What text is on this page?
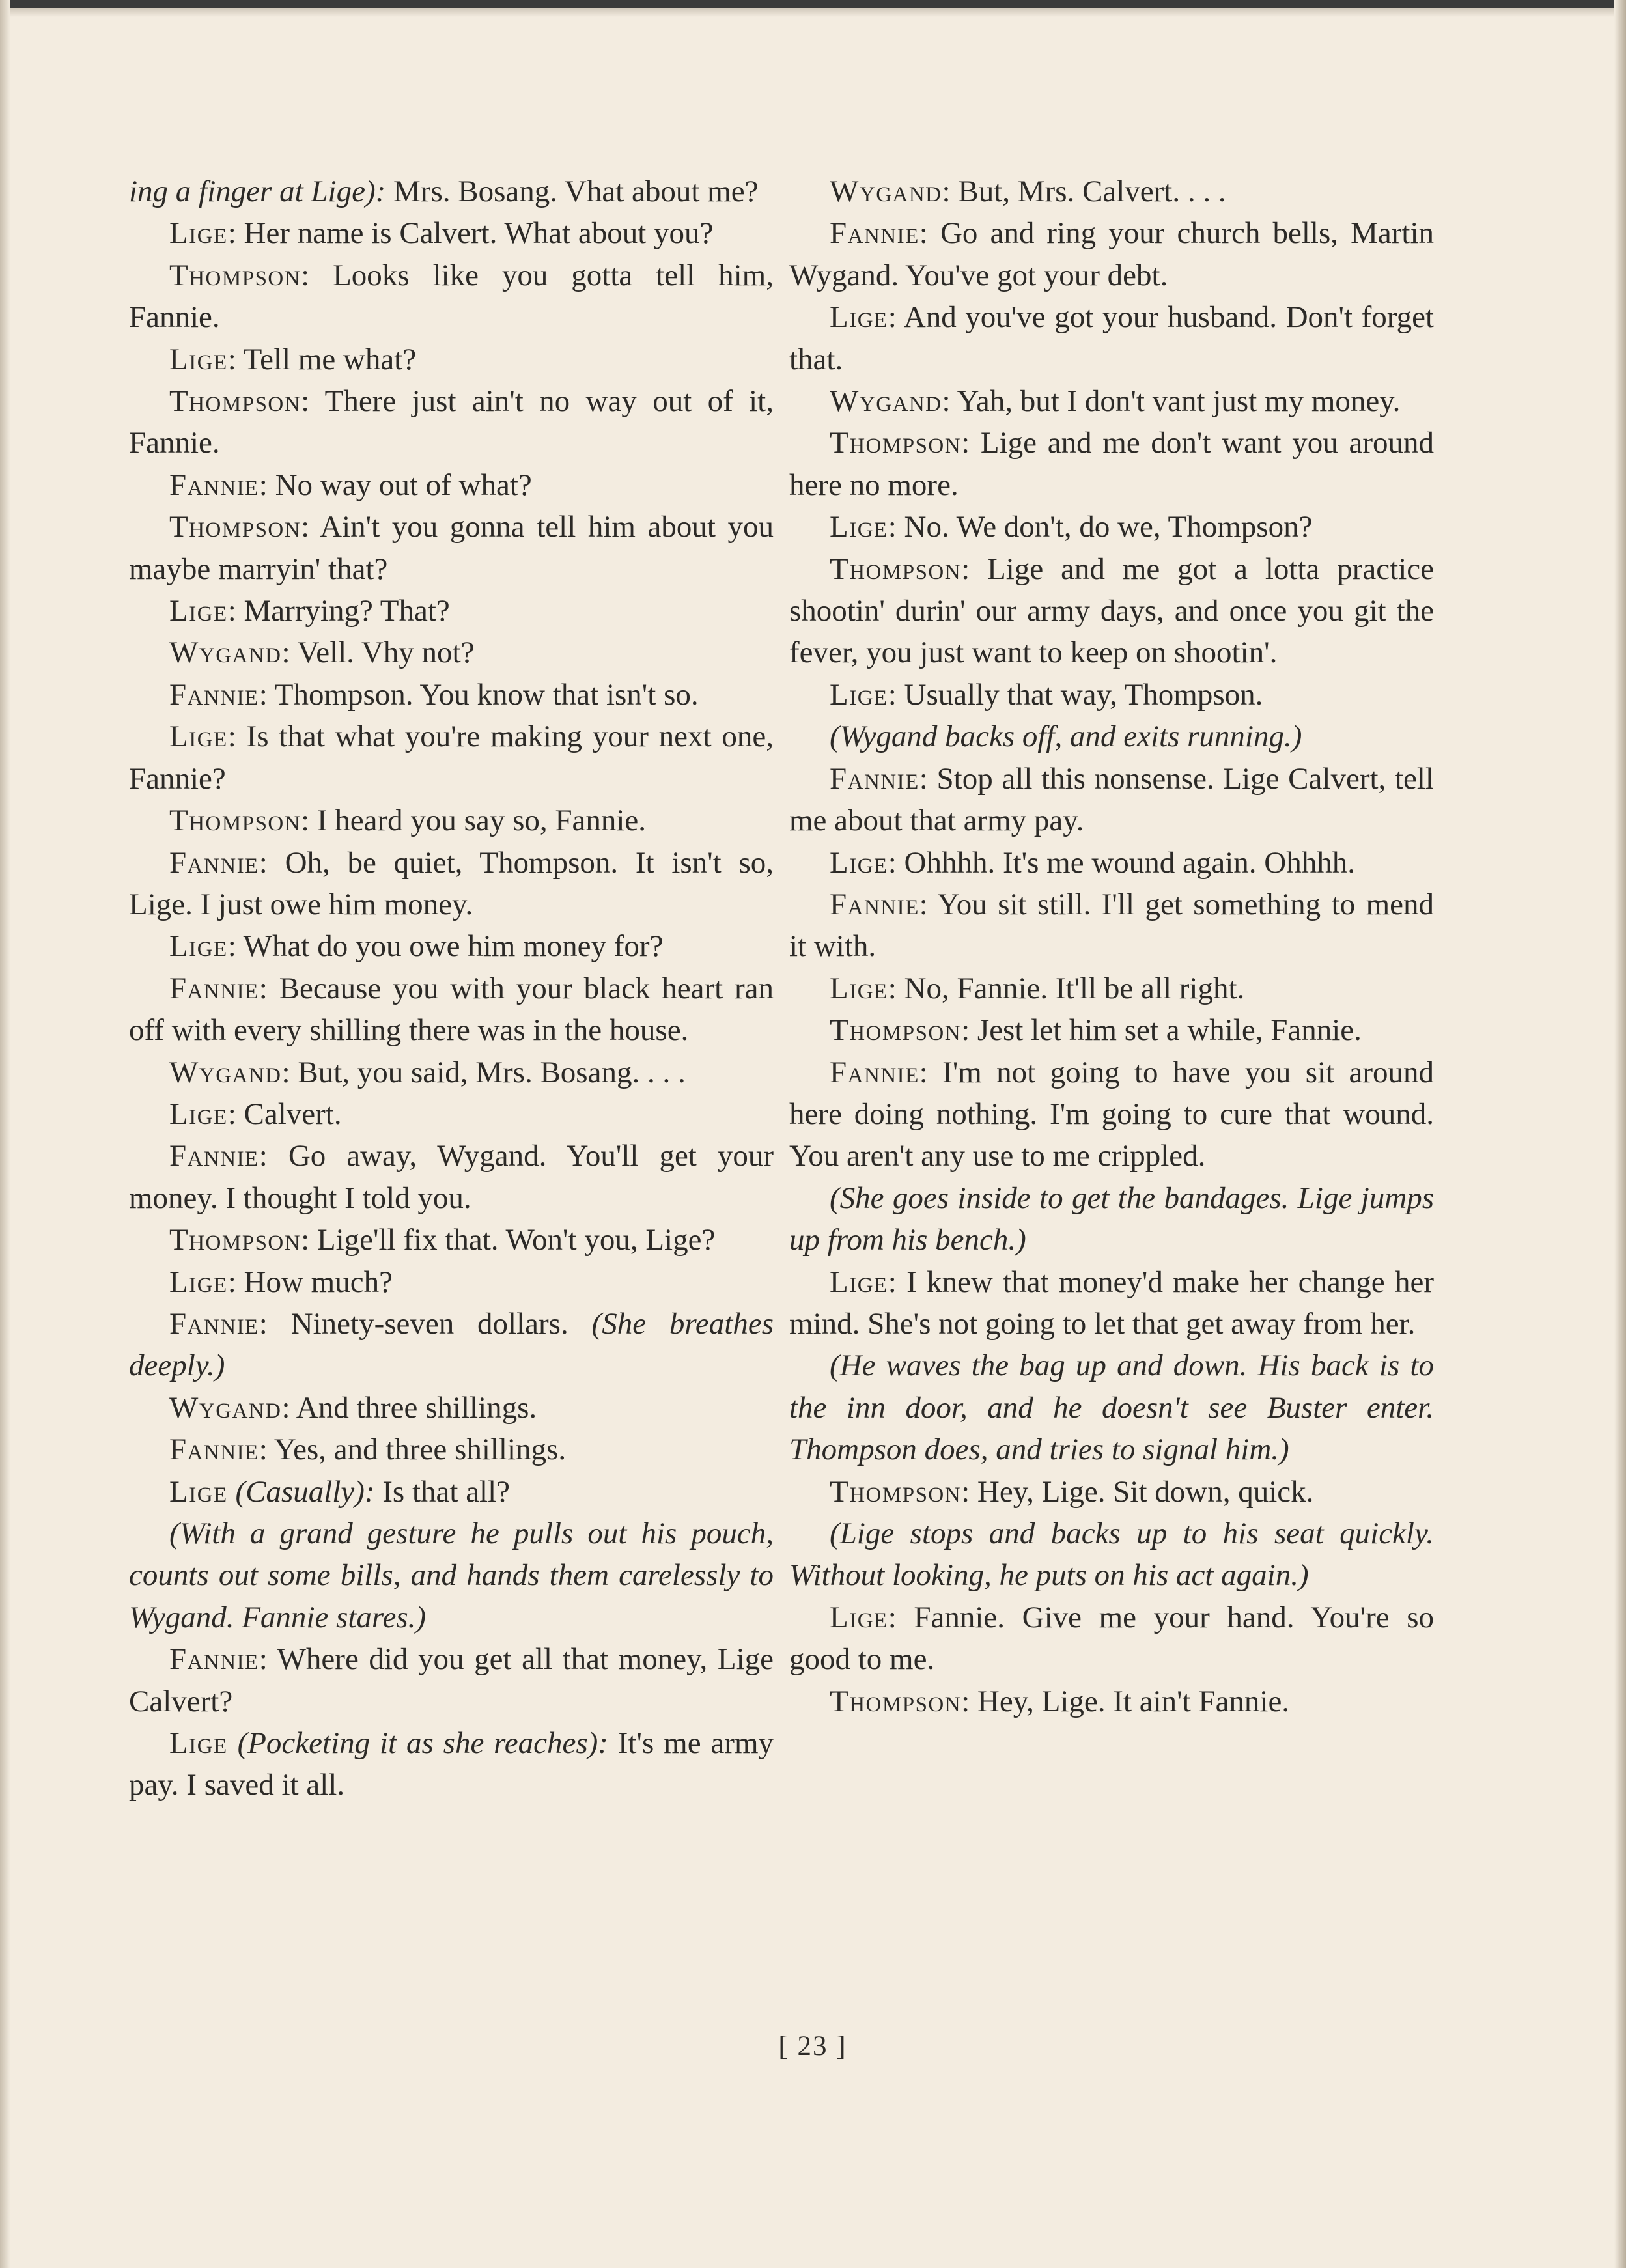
ing a finger at Lige): Mrs. Bosang. Vhat about me?

Lige: Her name is Calvert. What about you?

Thompson: Looks like you gotta tell him, Fannie.

Lige: Tell me what?

Thompson: There just ain't no way out of it, Fannie.

Fannie: No way out of what?

Thompson: Ain't you gonna tell him about you maybe marryin' that?

Lige: Marrying? That?

Wygand: Vell. Vhy not?

Fannie: Thompson. You know that isn't so.

Lige: Is that what you're making your next one, Fannie?

Thompson: I heard you say so, Fannie.

Fannie: Oh, be quiet, Thompson. It isn't so, Lige. I just owe him money.

Lige: What do you owe him money for?

Fannie: Because you with your black heart ran off with every shilling there was in the house.

Wygand: But, you said, Mrs. Bosang. . . .

Lige: Calvert.

Fannie: Go away, Wygand. You'll get your money. I thought I told you.

Thompson: Lige'll fix that. Won't you, Lige?

Lige: How much?

Fannie: Ninety-seven dollars. (She breathes deeply.)

Wygand: And three shillings.

Fannie: Yes, and three shillings.

Lige (Casually): Is that all?

(With a grand gesture he pulls out his pouch, counts out some bills, and hands them carelessly to Wygand. Fannie stares.)

Fannie: Where did you get all that money, Lige Calvert?

Lige (Pocketing it as she reaches): It's me army pay. I saved it all.

Wygand: But, Mrs. Calvert. . . .

Fannie: Go and ring your church bells, Martin Wygand. You've got your debt.

Lige: And you've got your husband. Don't forget that.

Wygand: Yah, but I don't vant just my money.

Thompson: Lige and me don't want you around here no more.

Lige: No. We don't, do we, Thompson?

Thompson: Lige and me got a lotta practice shootin' durin' our army days, and once you git the fever, you just want to keep on shootin'.

Lige: Usually that way, Thompson.

(Wygand backs off, and exits running.)

Fannie: Stop all this nonsense. Lige Calvert, tell me about that army pay.

Lige: Ohhhh. It's me wound again. Ohhhh.

Fannie: You sit still. I'll get something to mend it with.

Lige: No, Fannie. It'll be all right.

Thompson: Jest let him set a while, Fannie.

Fannie: I'm not going to have you sit around here doing nothing. I'm going to cure that wound. You aren't any use to me crippled.

(She goes inside to get the bandages. Lige jumps up from his bench.)

Lige: I knew that money'd make her change her mind. She's not going to let that get away from her.

(He waves the bag up and down. His back is to the inn door, and he doesn't see Buster enter. Thompson does, and tries to signal him.)

Thompson: Hey, Lige. Sit down, quick.

(Lige stops and backs up to his seat quickly. Without looking, he puts on his act again.)

Lige: Fannie. Give me your hand. You're so good to me.

Thompson: Hey, Lige. It ain't Fannie.

[ 23 ]
